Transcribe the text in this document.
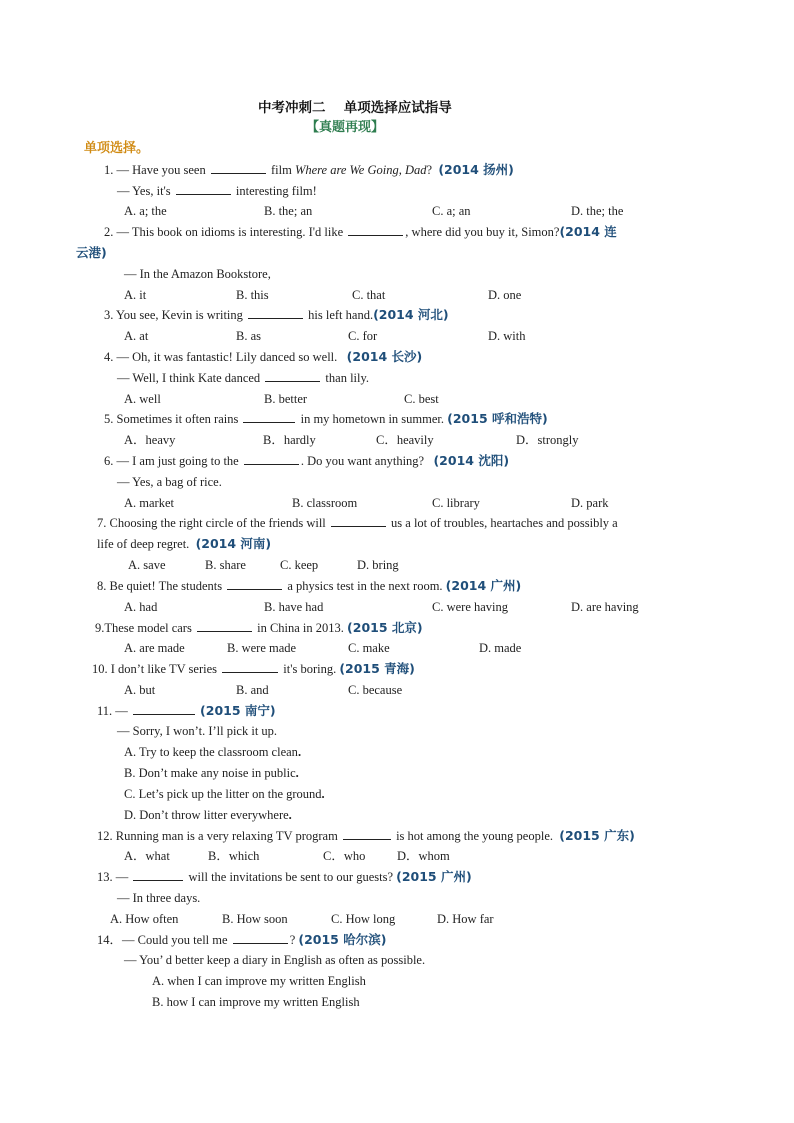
中考冲刺二　 单项选择应试指导
【真题再现】
单项选择。
1. — Have you seen	film Where are We Going, Dad? (2014 扬州)
— Yes, it's	interesting film!
A. a; the	B. the; an	C. a; an	D. the; the
2. — This book on idioms is interesting. I'd like	, where did you buy it, Simon?(2014 连
云港)
— In the Amazon Bookstore,
A. it	B. this	C. that	D. one
3. You see, Kevin is writing	his left hand.(2014 河北)
A. at	B. as	C. for	D. with
4. — Oh, it was fantastic! Lily danced so well. (2014 长沙)
— Well, I think Kate danced	than lily.
A. well	B. better	C. best
5. Sometimes it often rains	in my hometown in summer. (2015 呼和浩特)
A．heavy	B．hardly	C．heavily	D．strongly
6. — I am just going to the	. Do you want anything? (2014 沈阳)
— Yes, a bag of rice.
A. market	B. classroom	C. library	D. park
7. Choosing the right circle of the friends will	us a lot of troubles, heartaches and possibly a
life of deep regret. (2014 河南)
A. save	B. share	C. keep	D. bring
8. Be quiet! The students	a physics test in the next room. (2014 广州)
A. had	B. have had	C. were having	D. are having
9.These model cars	in China in 2013. (2015 北京)
A. are made	B. were made	C. make	D. made
10. I don’t like TV series	it's boring. (2015 青海)
A. but	B. and	C. because
11. —	(2015 南宁)
— Sorry, I won’t. I’ll pick it up.
A. Try to keep the classroom clean.
B. Don’t make any noise in public.
C. Let’s pick up the litter on the ground.
D. Don’t throw litter everywhere.
12. Running man is a very relaxing TV program	is hot among the young people. (2015 广东)
A．what	B．which	C．who	D．whom
13. —	will the invitations be sent to our guests? (2015 广州)
— In three days.
A. How often	B. How soon	C. How long	D. How far
14．— Could you tell me	? (2015 哈尔滨)
— You’ d better keep a diary in English as often as possible.
A. when I can improve my written English
B. how I can improve my written English
